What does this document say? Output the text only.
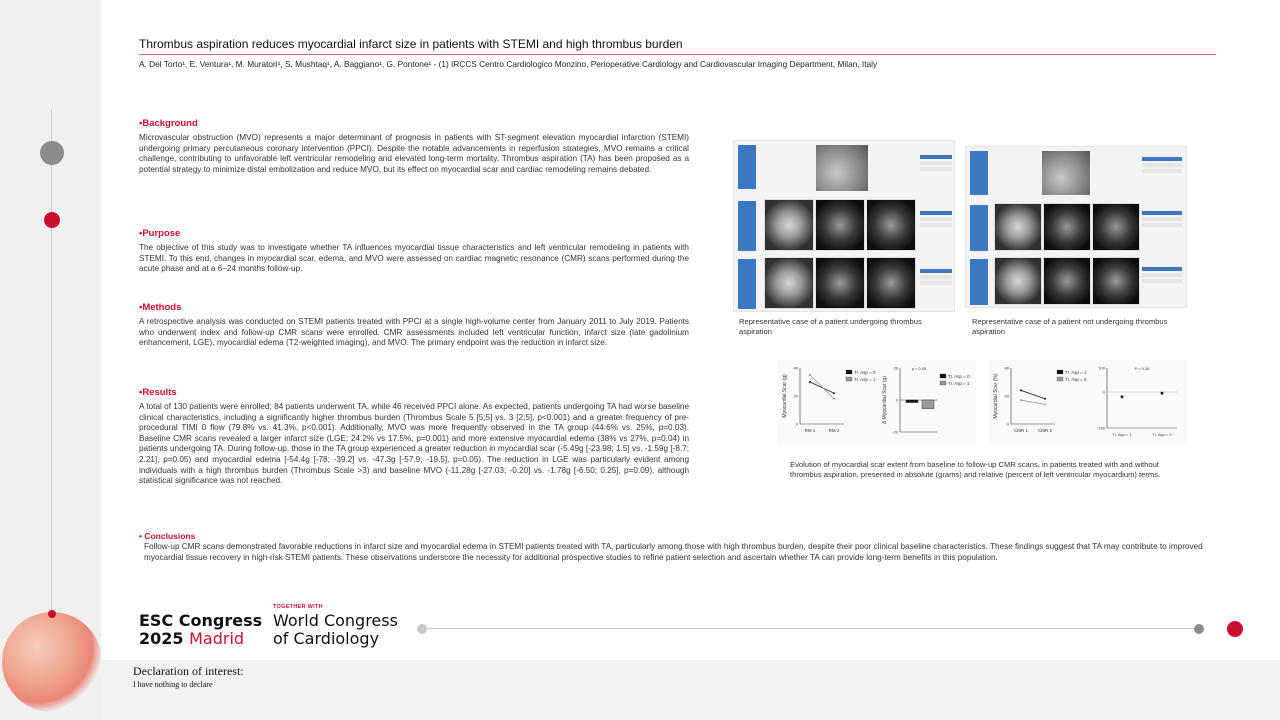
Thrombus aspiration reduces myocardial infarct size in patients with STEMI and high thrombus burden
A. Del Torto¹, E. Ventura¹, M. Muratori¹, S. Mushtaq¹, A. Baggiano¹, G. Pontone¹ - (1) IRCCS Centro Cardiologico Monzino, Perioperative Cardiology and Cardiovascular Imaging Department, Milan, Italy
•Background
Microvascular obstruction (MVO) represents a major determinant of prognosis in patients with ST-segment elevation myocardial infarction (STEMI) undergoing primary percutaneous coronary intervention (PPCI). Despite the notable advancements in reperfusion strategies, MVO remains a critical challenge, contributing to unfavorable left ventricular remodeling and elevated long-term mortality. Thrombus aspiration (TA) has been proposed as a potential strategy to minimize distal embolization and reduce MVO, but its effect on myocardial scar and cardiac remodeling remains debated.
•Purpose
The objective of this study was to investigate whether TA influences myocardial tissue characteristics and left ventricular remodeling in patients with STEMI. To this end, changes in myocardial scar, edema, and MVO were assessed on cardiac magnetic resonance (CMR) scans performed during the acute phase and at a 6–24 months follow-up.
•Methods
A retrospective analysis was conducted on STEMI patients treated with PPCI at a single high-volume center from January 2011 to July 2019. Patients who underwent index and follow-up CMR scans were enrolled. CMR assessments included left ventricular function, infarct size (late gadolinium enhancement, LGE), myocardial edema (T2-weighted imaging), and MVO. The primary endpoint was the reduction in infarct size.
•Results
A total of 130 patients were enrolled; 84 patients underwent TA, while 46 received PPCI alone. As expected, patients undergoing TA had worse baseline clinical characteristics, including a significantly higher thrombus burden (Thrombus Scale 5 [5;5] vs. 3 [2;5], p<0.001) and a greater frequency of pre-procedural TIMI 0 flow (79.8% vs. 41.3%, p<0.001). Additionally, MVO was more frequently observed in the TA group (44.6% vs. 25%, p=0.03). Baseline CMR scans revealed a larger infarct size (LGE: 24.2% vs 17.5%, p=0.001) and more extensive myocardial edema (38% vs 27%, p=0.04) in patients undergoing TA. During follow-up, those in the TA group experienced a greater reduction in myocardial scar (-5.49g [-23.98; 1.5] vs. -1.59g [-8.7; 2.21], p=0.05) and myocardial edema [-54.4g [-78; -39.2] vs. -47.3g [-57.9; -19.5], p=0.05). The reduction in LGE was particularly evident among individuals with a high thrombus burden (Thrombus Scale >3) and baseline MVO (-11.28g [-27.03; -0.20] vs. -1.78g [-6.50; 0.25], p=0.09), although statistical significance was not reached.
• Conclusions
Follow-up CMR scans demonstrated favorable reductions in infarct size and myocardial edema in STEMI patients treated with TA, particularly among those with high thrombus burden, despite their poor clinical baseline characteristics. These findings suggest that TA may contribute to improved myocardial tissue recovery in high-risk STEMI patients. These observations underscore the necessity for additional prospective studies to refine patient selection and ascertain whether TA can provide long-term benefits in this population.
Representative case of a patient undergoing thrombus aspiration
Representative case of a patient not undergoing thrombus aspiration
Myocardial Scar (g)
0
20
40
RM 1	RM 2
Tr. Asp = 0
Tr. Asp = 1 Δ Myocardial Scar (g)
-20
0
20	p = 0.05
Tr. Asp = 0
Tr. Asp = 1	Myocardial Scar (%)
0
20
40
CMR 1 CMR 2
Tr. Asp = 1
Tr. Asp = 0
-150
0
100
Tr. Asp = 1	Tr. Asp = 0
P = 0.36
Evolution of myocardial scar extent from baseline to follow-up CMR scans, in patients treated with and without thrombus aspiration, presented in absolute (grams) and relative (percent of left ventricular myocardium) terms.
ESC Congress
2025 Madrid
TOGETHER WITH
World Congress
of Cardiology
Declaration of interest:
I have nothing to declare
